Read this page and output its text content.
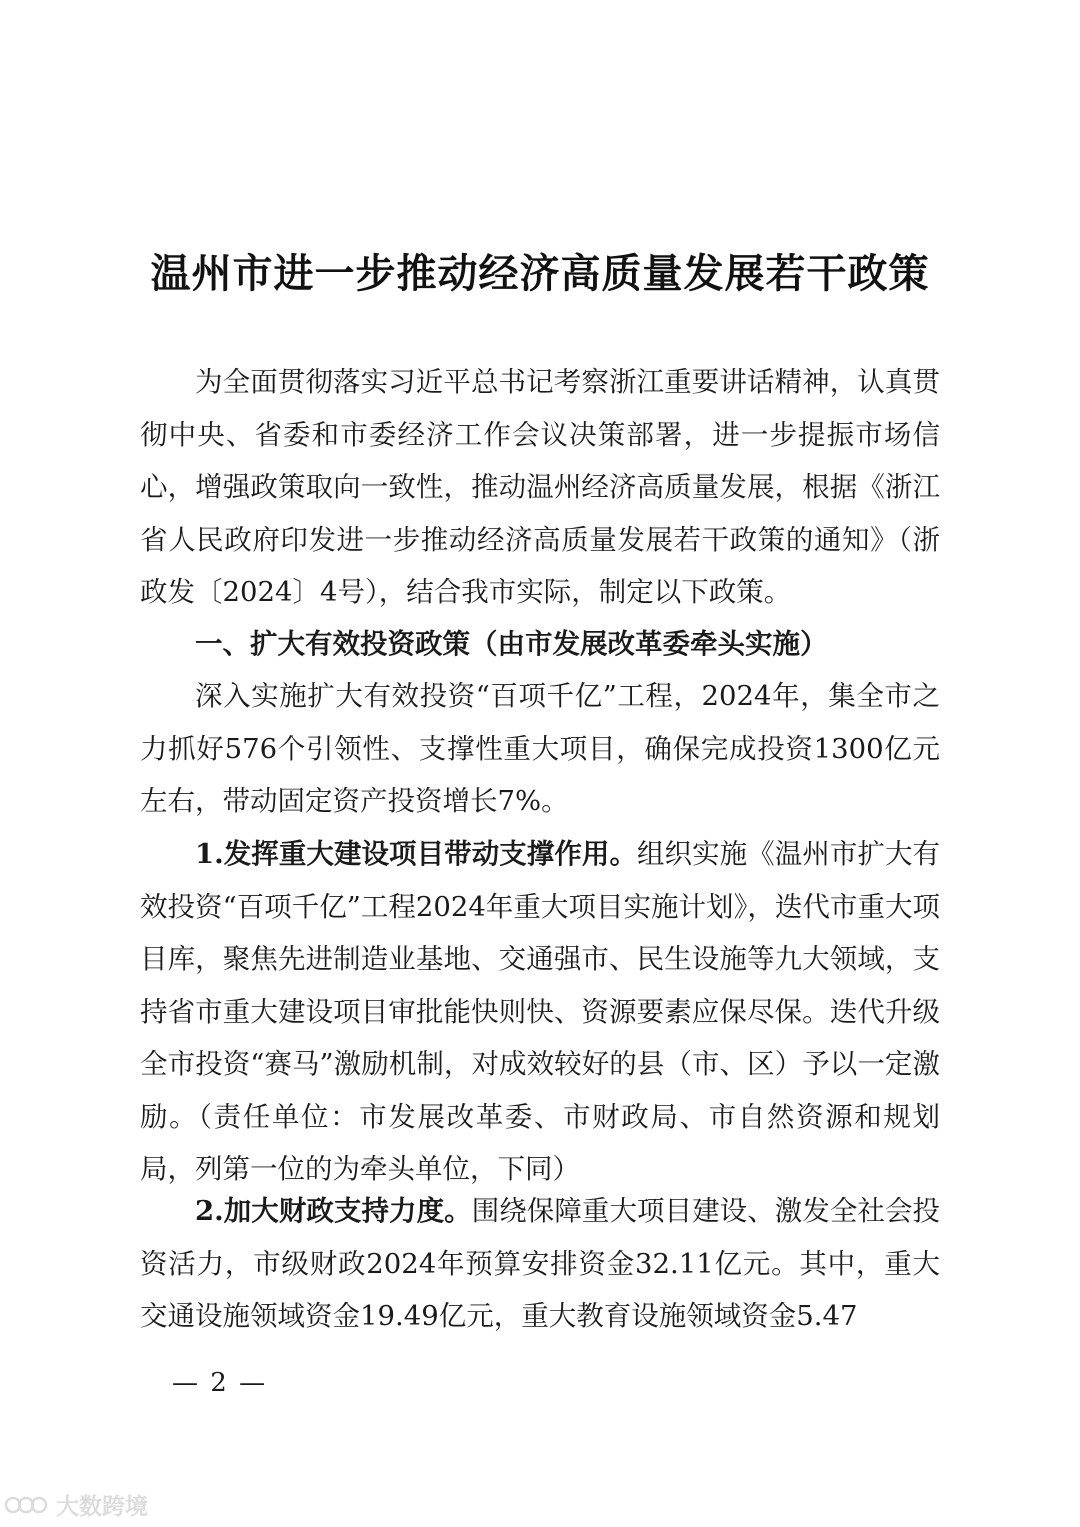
温州市进一步推动经济高质量发展若干政策

为全面贯彻落实习近平总书记考察浙江重要讲话精神，认真贯彻中央、省委和市委经济工作会议决策部署，进一步提振市场信心，增强政策取向一致性，推动温州经济高质量发展，根据《浙江省人民政府印发进一步推动经济高质量发展若干政策的通知》（浙政发〔2024〕4号），结合我市实际，制定以下政策。

一、扩大有效投资政策（由市发展改革委牵头实施）

深入实施扩大有效投资“百项千亿”工程，2024年，集全市之力抓好576个引领性、支撑性重大项目，确保完成投资1300亿元左右，带动固定资产投资增长7%。

1.发挥重大建设项目带动支撑作用。组织实施《温州市扩大有效投资“百项千亿”工程2024年重大项目实施计划》，迭代市重大项目库，聚焦先进制造业基地、交通强市、民生设施等九大领域，支持省市重大建设项目审批能快则快、资源要素应保尽保。迭代升级全市投资“赛马”激励机制，对成效较好的县（市、区）予以一定激励。（责任单位：市发展改革委、市财政局、市自然资源和规划局，列第一位的为牵头单位，下同）

2.加大财政支持力度。围绕保障重大项目建设、激发全社会投资活力，市级财政2024年预算安排资金32.11亿元。其中，重大交通设施领域资金19.49亿元，重大教育设施领域资金5.47

— 2 —
大数跨境
